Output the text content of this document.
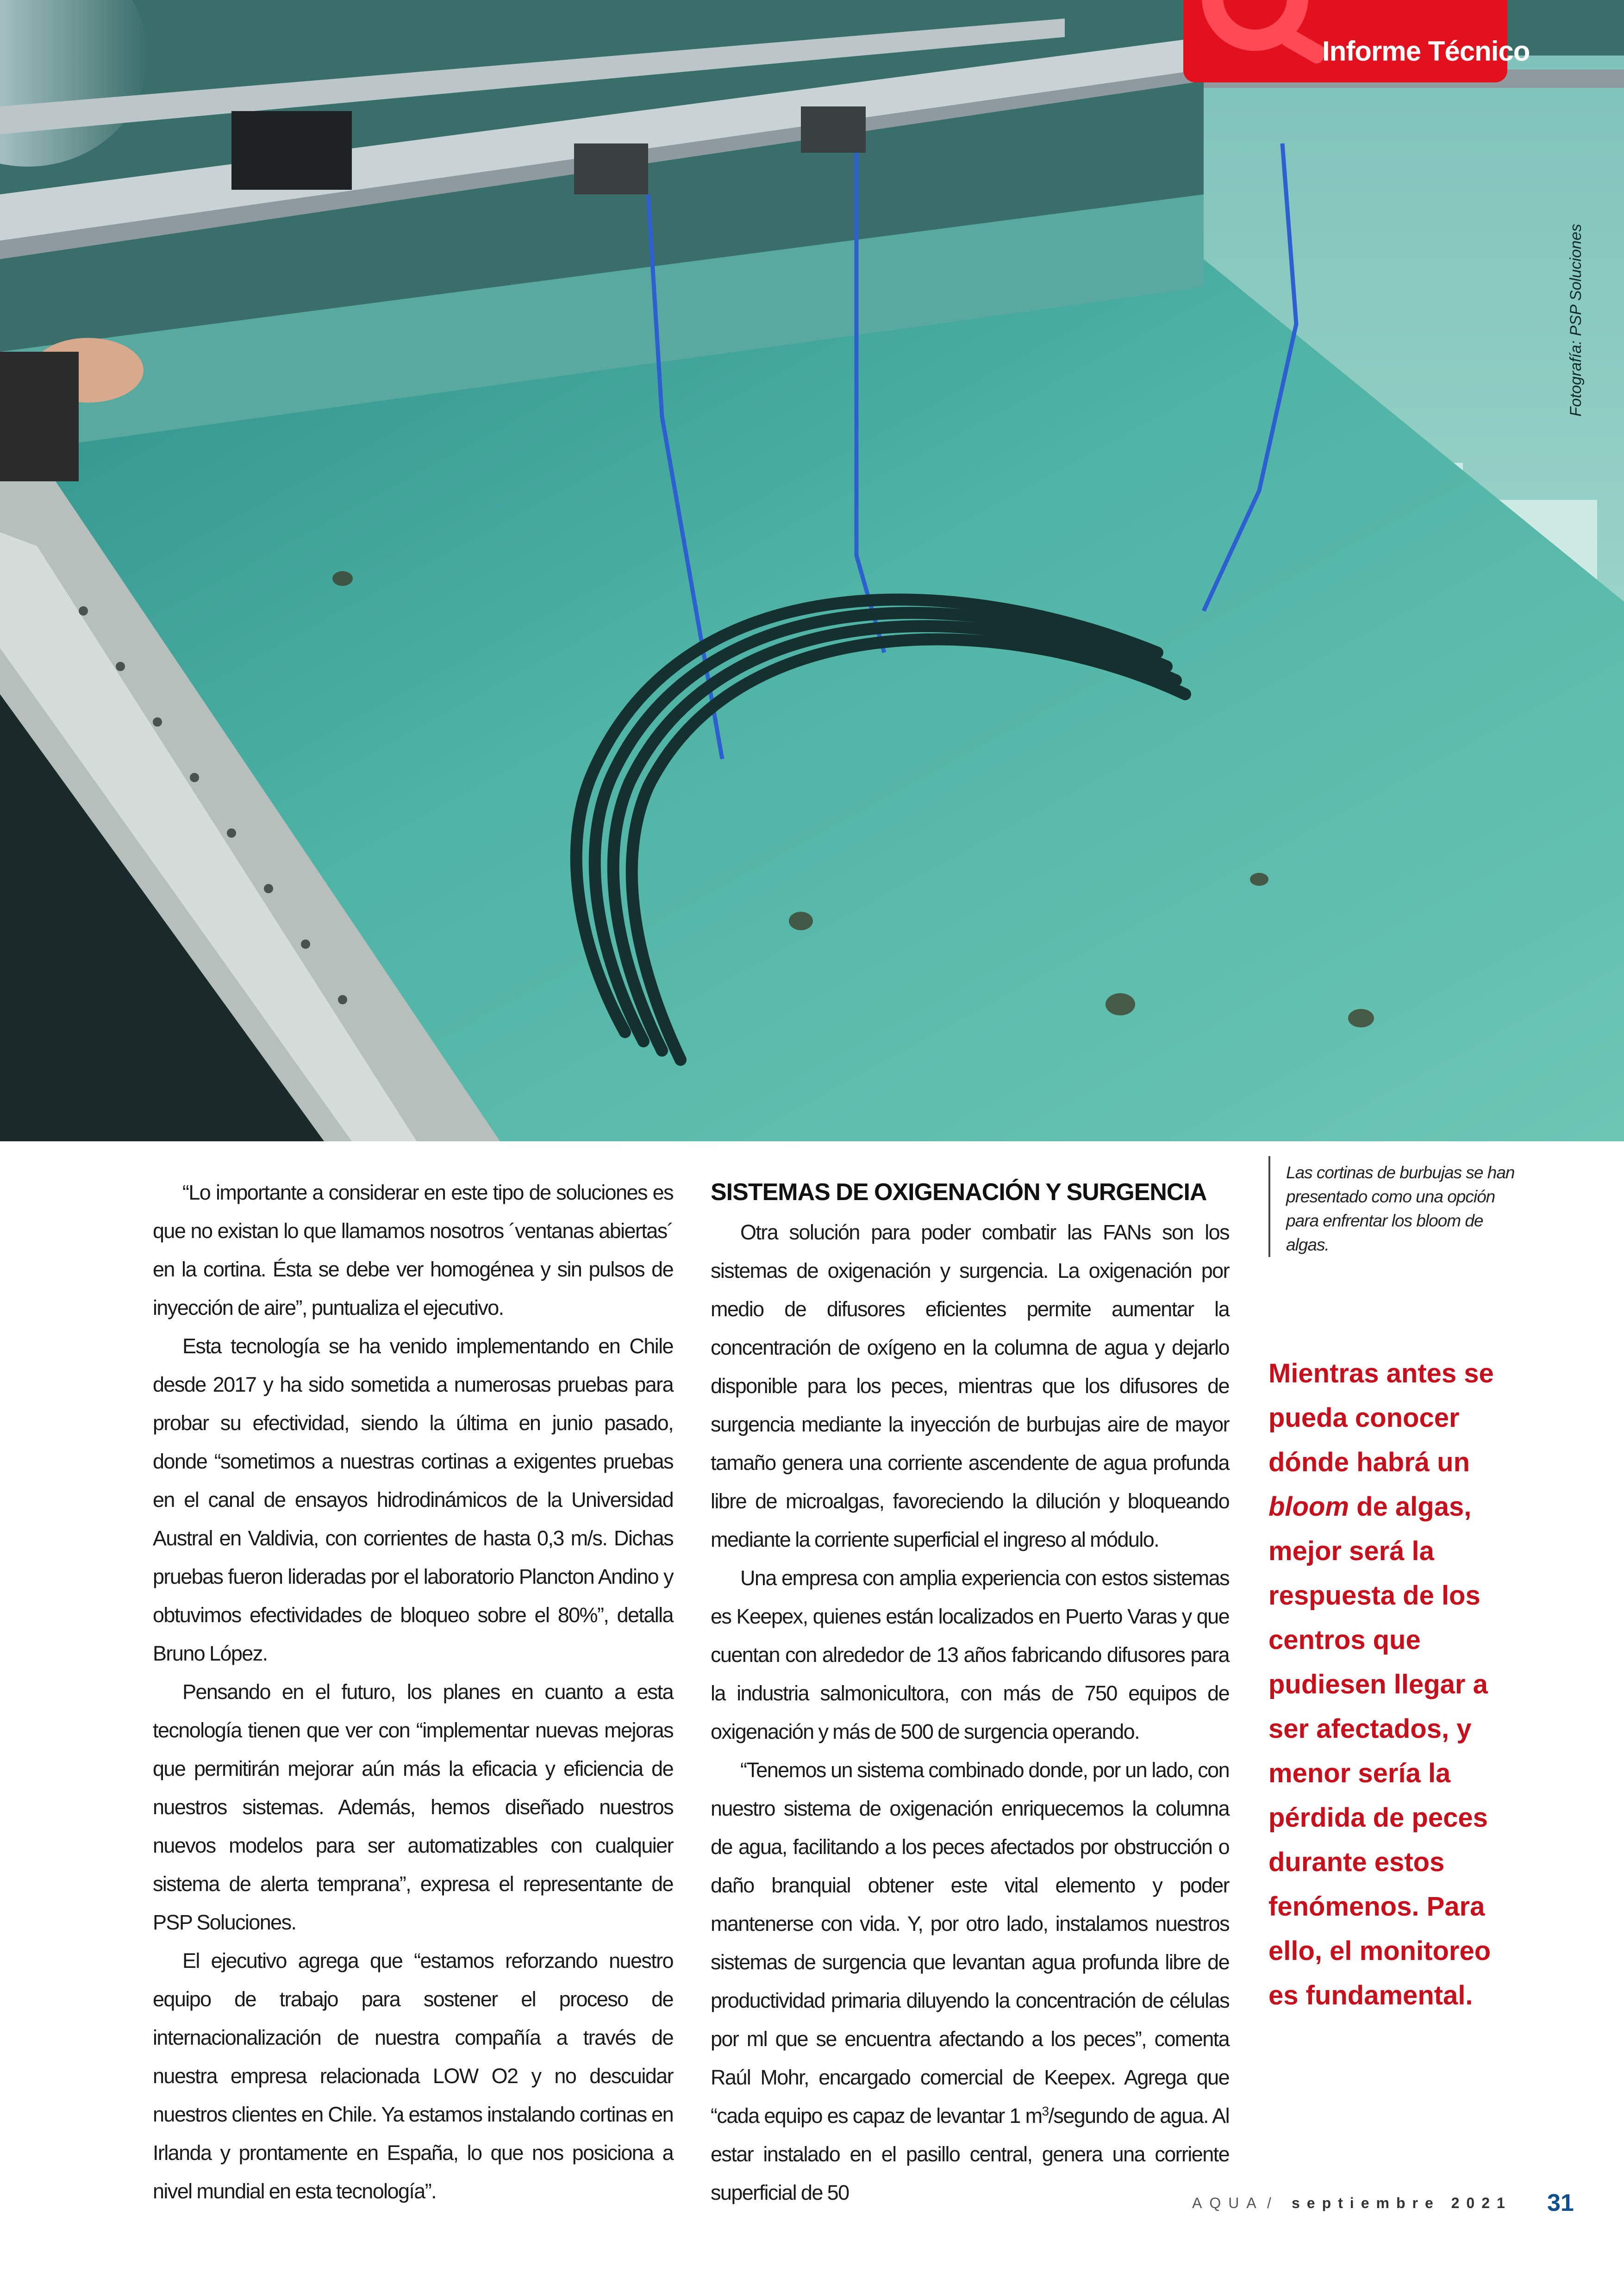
Fotografía: PSP Soluciones
Informe Técnico

“Lo importante a considerar en este tipo de soluciones es que no existan lo que llamamos nosotros ´ventanas abiertas´ en la cortina. Ésta se debe ver homogénea y sin pulsos de inyección de aire”, puntualiza el ejecutivo.

Esta tecnología se ha venido implementando en Chile desde 2017 y ha sido sometida a numerosas pruebas para probar su efectividad, siendo la última en junio pasado, donde “sometimos a nuestras cortinas a exigentes pruebas en el canal de ensayos hidrodinámicos de la Universidad Austral en Valdivia, con corrientes de hasta 0,3 m/s. Dichas pruebas fueron lideradas por el laboratorio Plancton Andino y obtuvimos efectividades de bloqueo sobre el 80%”, detalla Bruno López.

Pensando en el futuro, los planes en cuanto a esta tecnología tienen que ver con “implementar nuevas mejoras que permitirán mejorar aún más la eficacia y eficiencia de nuestros sistemas. Además, hemos diseñado nuestros nuevos modelos para ser automatizables con cualquier sistema de alerta temprana”, expresa el representante de PSP Soluciones.

El ejecutivo agrega que “estamos reforzando nuestro equipo de trabajo para sostener el proceso de internacionalización de nuestra compañía a través de nuestra empresa relacionada LOW O2 y no descuidar nuestros clientes en Chile. Ya estamos instalando cortinas en Irlanda y prontamente en España, lo que nos posiciona a nivel mundial en esta tecnología”.

SISTEMAS DE OXIGENACIÓN Y SURGENCIA

Otra solución para poder combatir las FANs son los sistemas de oxigenación y surgencia. La oxigenación por medio de difusores eficientes permite aumentar la concentración de oxígeno en la columna de agua y dejarlo disponible para los peces, mientras que los difusores de surgencia mediante la inyección de burbujas aire de mayor tamaño genera una corriente ascendente de agua profunda libre de microalgas, favoreciendo la dilución y bloqueando mediante la corriente superficial el ingreso al módulo.

Una empresa con amplia experiencia con estos sistemas es Keepex, quienes están localizados en Puerto Varas y que cuentan con alrededor de 13 años fabricando difusores para la industria salmonicultora, con más de 750 equipos de oxigenación y más de 500 de surgencia operando.

“Tenemos un sistema combinado donde, por un lado, con nuestro sistema de oxigenación enriquecemos la columna de agua, facilitando a los peces afectados por obstrucción o daño branquial obtener este vital elemento y poder mantenerse con vida. Y, por otro lado, instalamos nuestros sistemas de surgencia que levantan agua profunda libre de productividad primaria diluyendo la concentración de células por ml que se encuentra afectando a los peces”, comenta Raúl Mohr, encargado comercial de Keepex. Agrega que “cada equipo es capaz de levantar 1 $m^3$/segundo de agua. Al estar instalado en el pasillo central, genera una corriente superficial de 50

Las cortinas de burbujas se han presentado como una opción para enfrentar los bloom de algas.
Mientras antes se pueda conocer dónde habrá un bloom de algas, mejor será la respuesta de los centros que pudiesen llegar a ser afectados, y menor sería la pérdida de peces durante estos fenómenos. Para ello, el monitoreo es fundamental.
AQUA / septiembre 2021 31
